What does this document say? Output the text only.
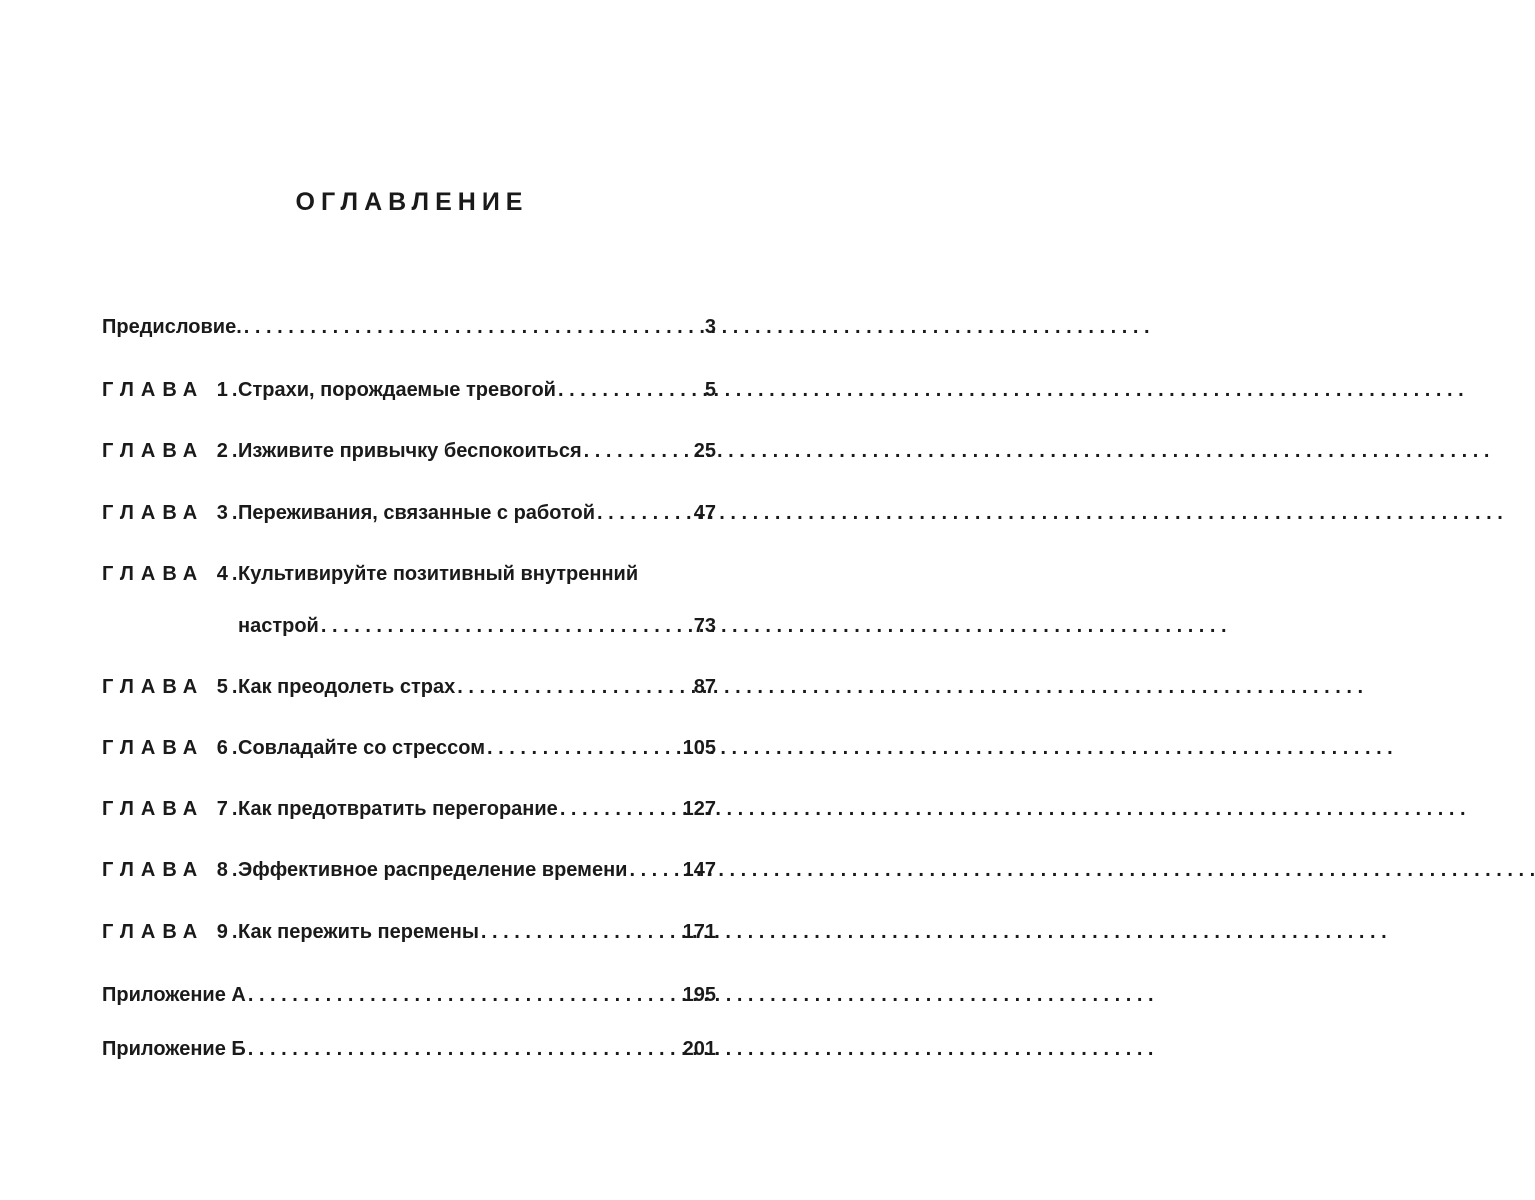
ОГЛАВЛЕНИЕ
Предисловие. . . .	3
ГЛАВА 1.
Страхи, порождаемые тревогой . . .	5
ГЛАВА 2.
Изживите привычку беспокоиться . . .	25
ГЛАВА 3.
Переживания, связанные с работой . . .	47
ГЛАВА 4.
Культивируйте позитивный внутренний
настрой . . .	73
ГЛАВА 5.
Как преодолеть страх . . .	87
ГЛАВА 6.
Совладайте со стрессом . . .	105
ГЛАВА 7.
Как предотвратить перегорание . . .	127
ГЛАВА 8.
Эффективное распределение времени . . .	147
ГЛАВА 9.
Как пережить перемены . . .	171
Приложение А . . .	195
Приложение Б . . .	201
